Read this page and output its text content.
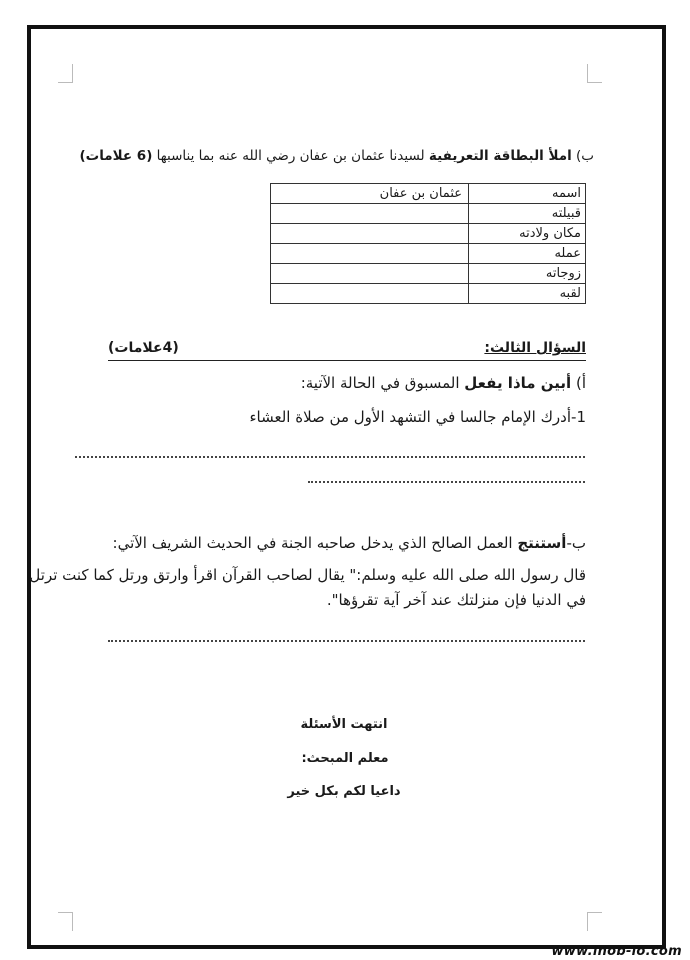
ب) املأ البطاقة التعريفية لسيدنا عثمان بن عفان رضي الله عنه بما يناسبها (6 علامات)
اسمه	عثمان بن عفان
قبيلته	
مكان ولادته	
عمله	
زوجاته	
لقبه	
السؤال الثالث:
(4علامات)
أ) أبين ماذا يفعل المسبوق في الحالة الآتية:
1-أدرك الإمام جالسا في التشهد الأول من صلاة العشاء
ب-أستنتج العمل الصالح الذي يدخل صاحبه الجنة في الحديث الشريف الآتي:
قال رسول الله صلى الله عليه وسلم:" يقال لصاحب القرآن اقرأ وارتق ورتل كما كنت ترتل
في الدنيا فإن منزلتك عند آخر آية تقرؤها".
انتهت الأسئلة
معلم المبحث:
داعيا لكم بكل خير
www.inob-io.com
